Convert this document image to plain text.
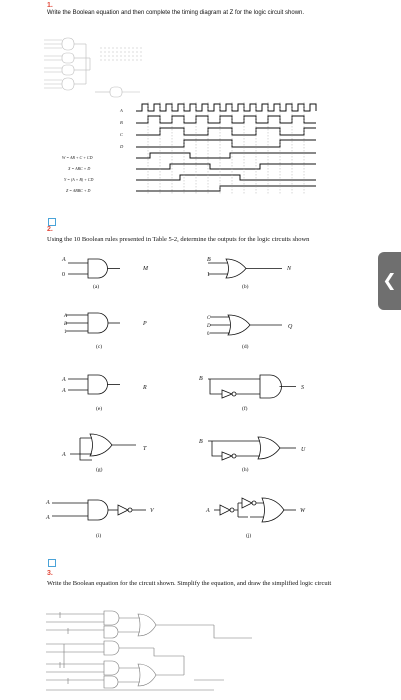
1.
Write the Boolean equation and then complete the timing diagram at Z for the logic circuit shown.
A
B
C
D
W = AB + C + CD
X = ABC + D
Y = (A + B) + CD
Z = ABBC + D
2.
Using the 10 Boolean rules presented in Table 5-2, determine the outputs for the logic circuits shown
A
0
M
(a)
B
1
N
(b)
A
B
1
P
(c)
C
D
0
Q
(d)
A
A	R
(e)
B
S
(f)
A
T
(g)
B
U
(h)
A
A
V
(i)
A	W
(j)
3.
Write the Boolean equation for the circuit shown. Simplify the equation, and draw the simplified logic circuit
❮
